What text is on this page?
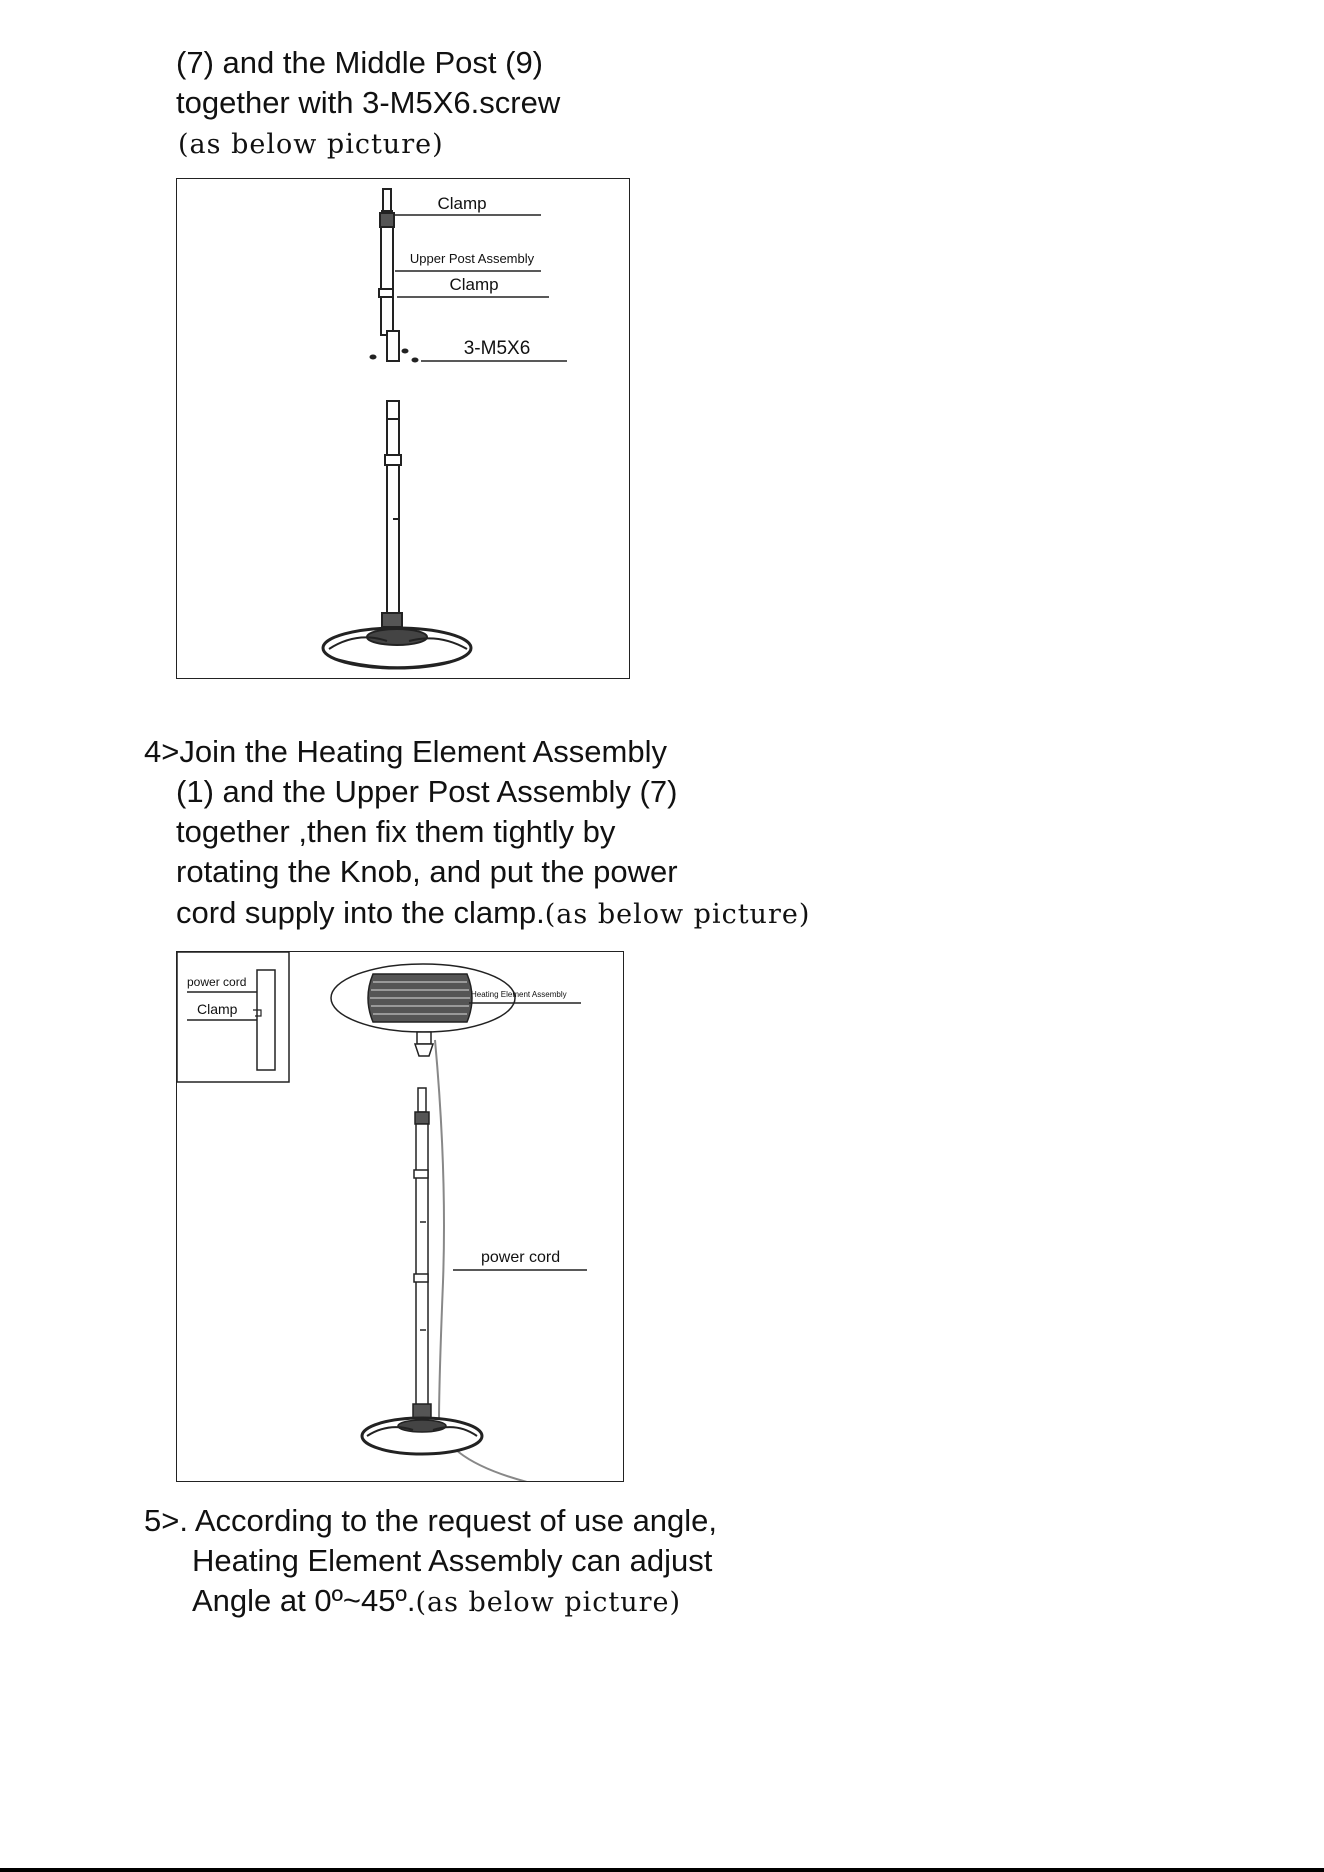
(7) and the Middle Post (9)
together with 3-M5X6.screw
(as below picture)
Clamp
Upper Post Assembly
Clamp
3-M5X6
4>Join the Heating Element Assembly
(1) and the Upper Post Assembly (7)
together ,then fix them tightly by
rotating the Knob, and put the power
cord supply into the clamp.(as below picture)
power cord
Clamp
Heating Element Assembly
power cord
5>. According to the request of use angle,
Heating Element Assembly can adjust
Angle at 0º~45º.(as below picture)
